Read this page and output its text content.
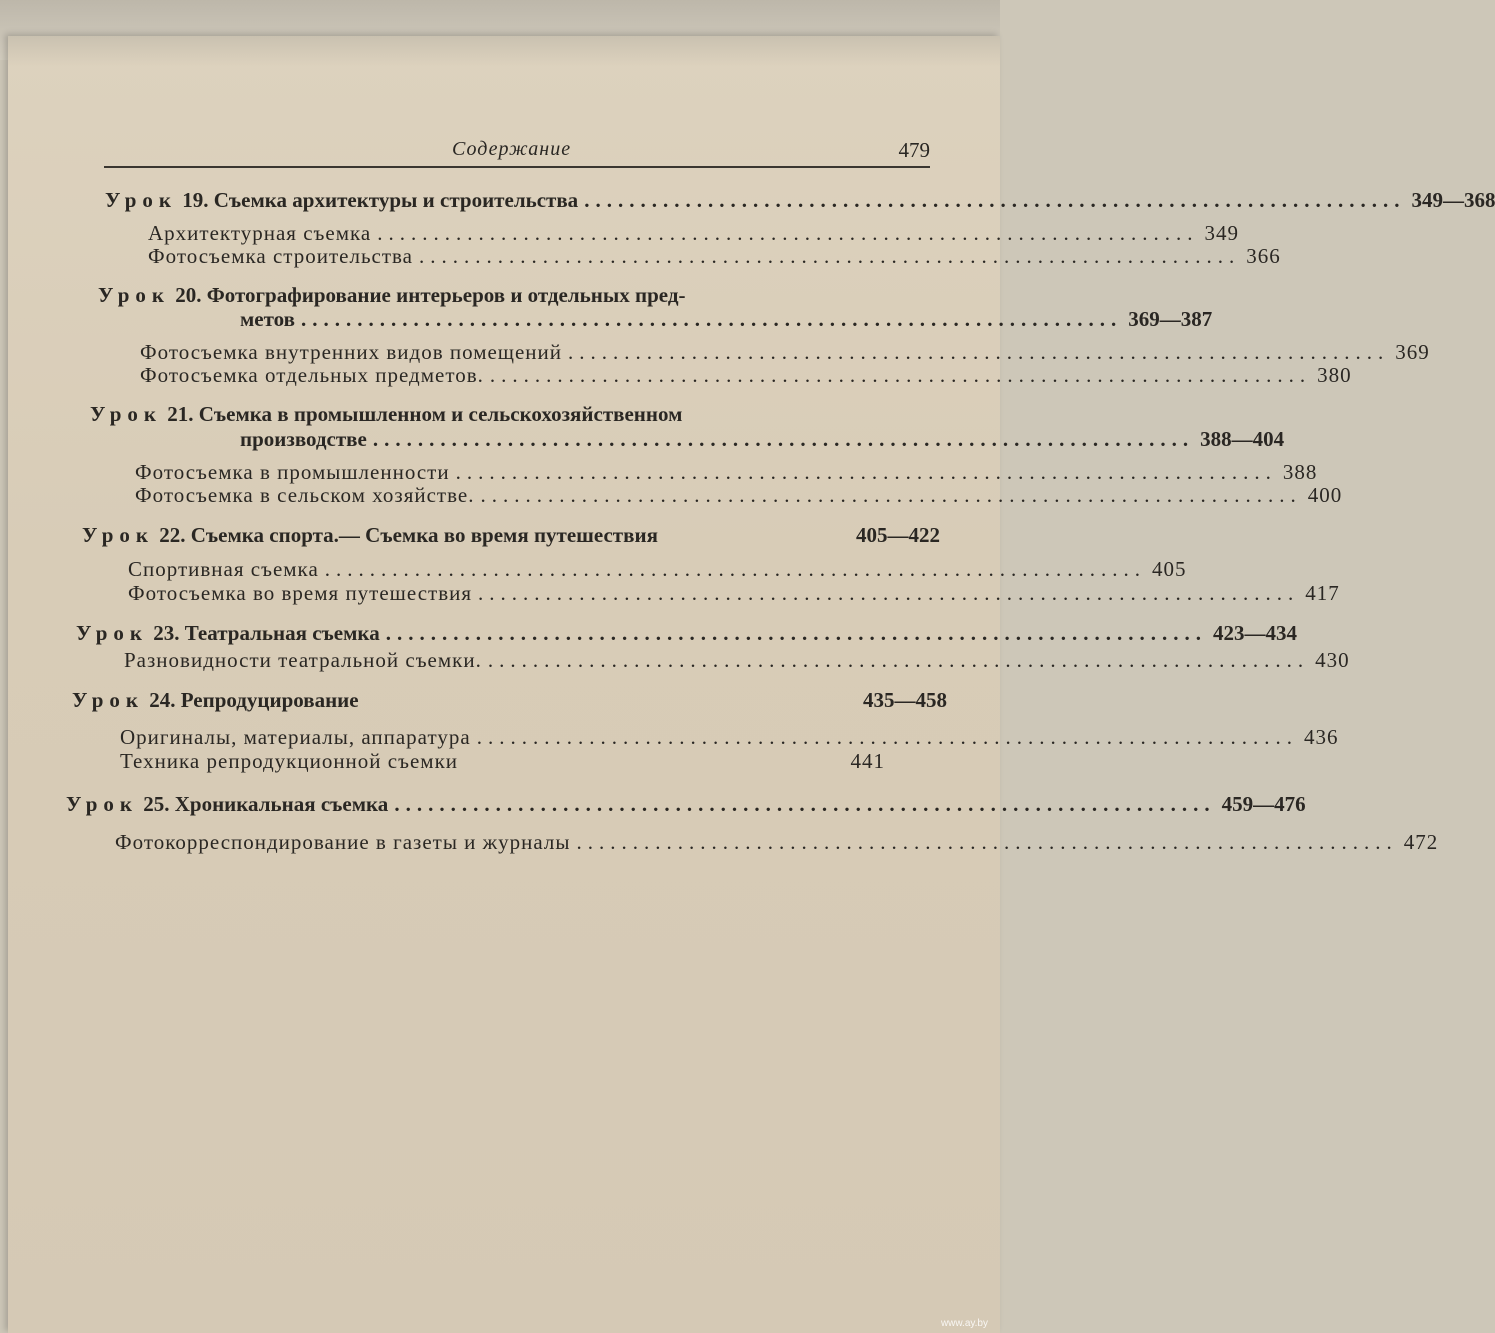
Содержание	479
Урок 19. Съемка архитектуры и строительства ......................................................................... 349—368
Архитектурная съемка ......................................................................... 349
Фотосъемка строительства ......................................................................... 366
Урок 20. Фотографирование интерьеров и отдельных пред-
метов ......................................................................... 369—387
Фотосъемка внутренних видов помещений ......................................................................... 369
Фотосъемка отдельных предметов. ......................................................................... 380
Урок 21. Съемка в промышленном и сельскохозяйственном
производстве ......................................................................... 388—404
Фотосъемка в промышленности ......................................................................... 388
Фотосъемка в сельском хозяйстве. ......................................................................... 400
Урок 22. Съемка спорта.— Съемка во время путешествия	405—422
Спортивная съемка ......................................................................... 405
Фотосъемка во время путешествия ......................................................................... 417
Урок 23. Театральная съемка ......................................................................... 423—434
Разновидности театральной съемки. ......................................................................... 430
Урок 24. Репродуцирование	435—458
Оригиналы, материалы, аппаратура ......................................................................... 436
Техника репродукционной съемки	441
Урок 25. Хроникальная съемка ......................................................................... 459—476
Фотокорреспондирование в газеты и журналы ......................................................................... 472
www.ay.by
